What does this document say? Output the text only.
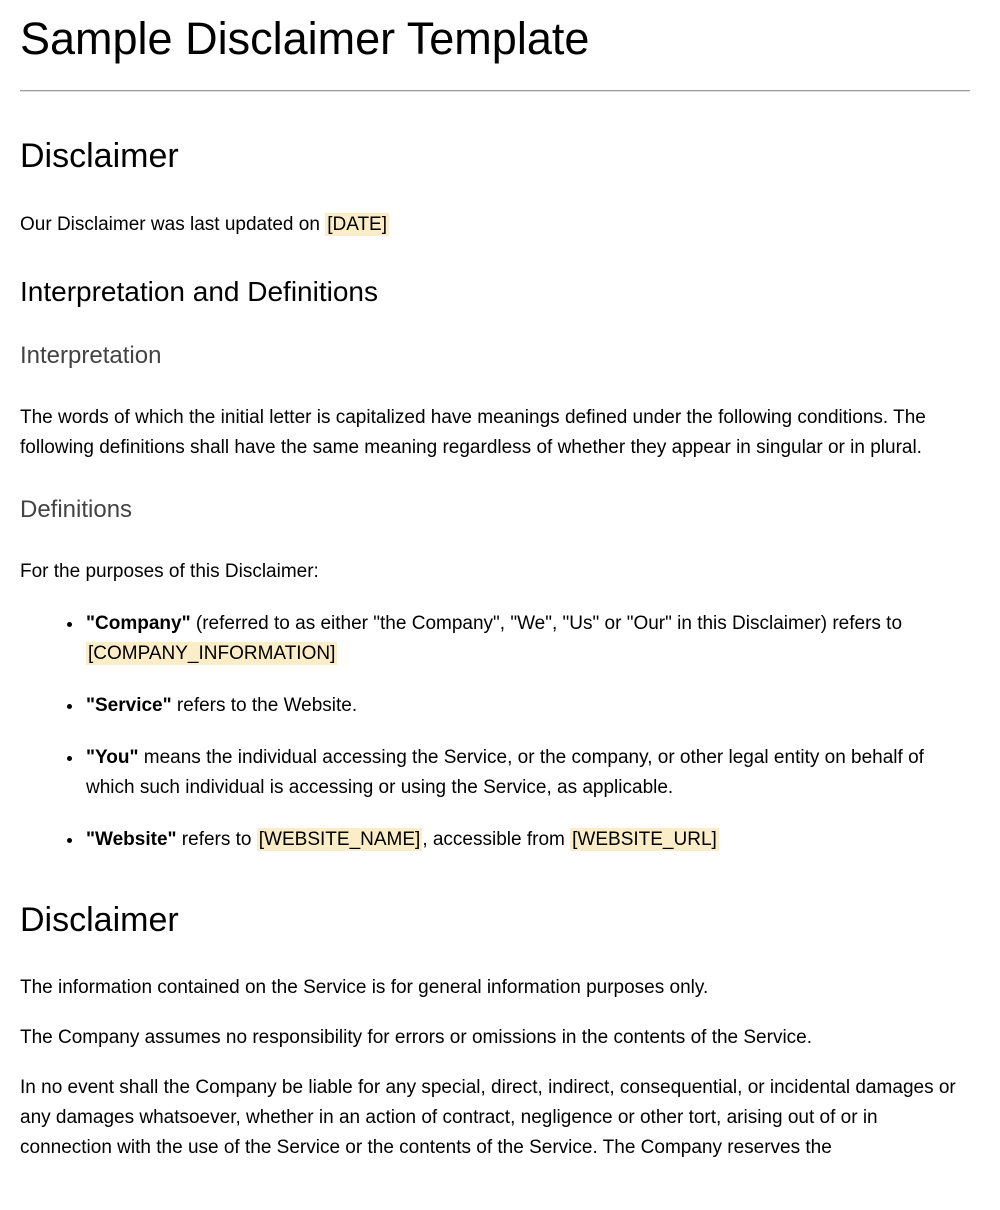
Sample Disclaimer Template
Disclaimer

Our Disclaimer was last updated on [DATE]

Interpretation and Definitions
Interpretation

The words of which the initial letter is capitalized have meanings defined under the following conditions. The following definitions shall have the same meaning regardless of whether they appear in singular or in plural.

Definitions

For the purposes of this Disclaimer:

• "Company" (referred to as either "the Company", "We", "Us" or "Our" in this Disclaimer) refers to [COMPANY_INFORMATION]
• "Service" refers to the Website.
• "You" means the individual accessing the Service, or the company, or other legal entity on behalf of which such individual is accessing or using the Service, as applicable.
• "Website" refers to [WEBSITE_NAME] , accessible from [WEBSITE_URL]
Disclaimer

The information contained on the Service is for general information purposes only.

The Company assumes no responsibility for errors or omissions in the contents of the Service.

In no event shall the Company be liable for any special, direct, indirect, consequential, or incidental damages or any damages whatsoever, whether in an action of contract, negligence or other tort, arising out of or in connection with the use of the Service or the contents of the Service. The Company reserves the
